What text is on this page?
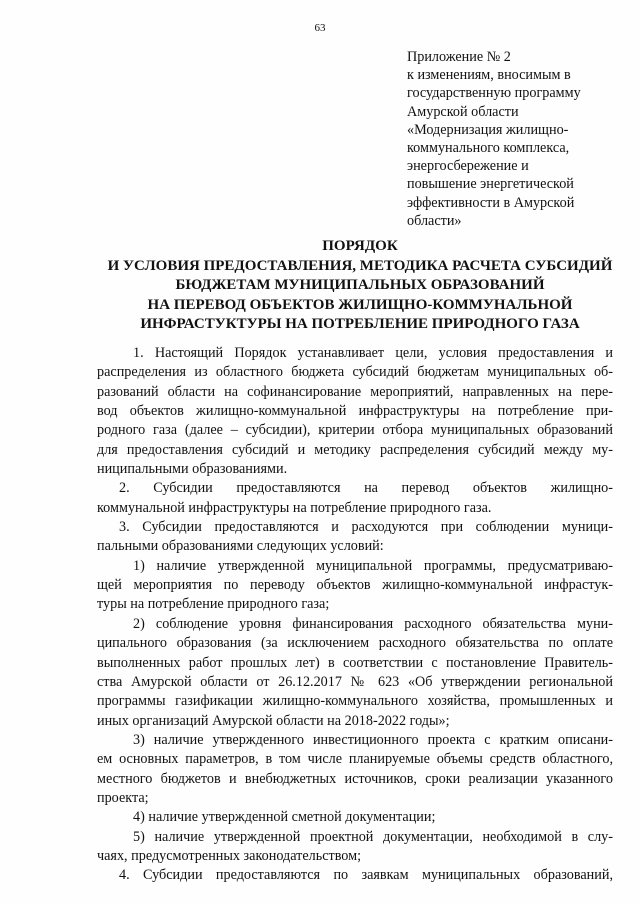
63
Приложение № 2
к изменениям, вносимым в
государственную программу
Амурской области
«Модернизация жилищно-
коммунального комплекса,
энергосбережение и
повышение энергетической
эффективности в Амурской
области»
ПОРЯДОК
И УСЛОВИЯ ПРЕДОСТАВЛЕНИЯ, МЕТОДИКА РАСЧЕТА СУБСИДИЙ
БЮДЖЕТАМ МУНИЦИПАЛЬНЫХ ОБРАЗОВАНИЙ
НА ПЕРЕВОД ОБЪЕКТОВ ЖИЛИЩНО-КОММУНАЛЬНОЙ
ИНФРАСТУКТУРЫ НА ПОТРЕБЛЕНИЕ ПРИРОДНОГО ГАЗА
1. Настоящий Порядок устанавливает цели, условия предоставления и
распределения из областного бюджета субсидий бюджетам муниципальных об-
разований области на софинансирование мероприятий, направленных на пере-
вод объектов жилищно-коммунальной инфраструктуры на потребление при-
родного газа (далее – субсидии), критерии отбора муниципальных образований
для предоставления субсидий и методику распределения субсидий между му-
ниципальными образованиями.
2. Субсидии предоставляются на перевод объектов жилищно-
коммунальной инфраструктуры на потребление природного газа.
3. Субсидии предоставляются и расходуются при соблюдении муници-
пальными образованиями следующих условий:
1) наличие утвержденной муниципальной программы, предусматриваю-
щей мероприятия по переводу объектов жилищно-коммунальной инфрастук-
туры на потребление природного газа;
2) соблюдение уровня финансирования расходного обязательства муни-
ципального образования (за исключением расходного обязательства по оплате
выполненных работ прошлых лет) в соответствии с постановление Правитель-
ства Амурской области от 26.12.2017 № 623 «Об утверждении региональной
программы газификации жилищно-коммунального хозяйства, промышленных и
иных организаций Амурской области на 2018-2022 годы»;
3) наличие утвержденного инвестиционного проекта с кратким описани-
ем основных параметров, в том числе планируемые объемы средств областного,
местного бюджетов и внебюджетных источников, сроки реализации указанного
проекта;
4) наличие утвержденной сметной документации;
5) наличие утвержденной проектной документации, необходимой в слу-
чаях, предусмотренных законодательством;
4. Субсидии предоставляются по заявкам муниципальных образований,
